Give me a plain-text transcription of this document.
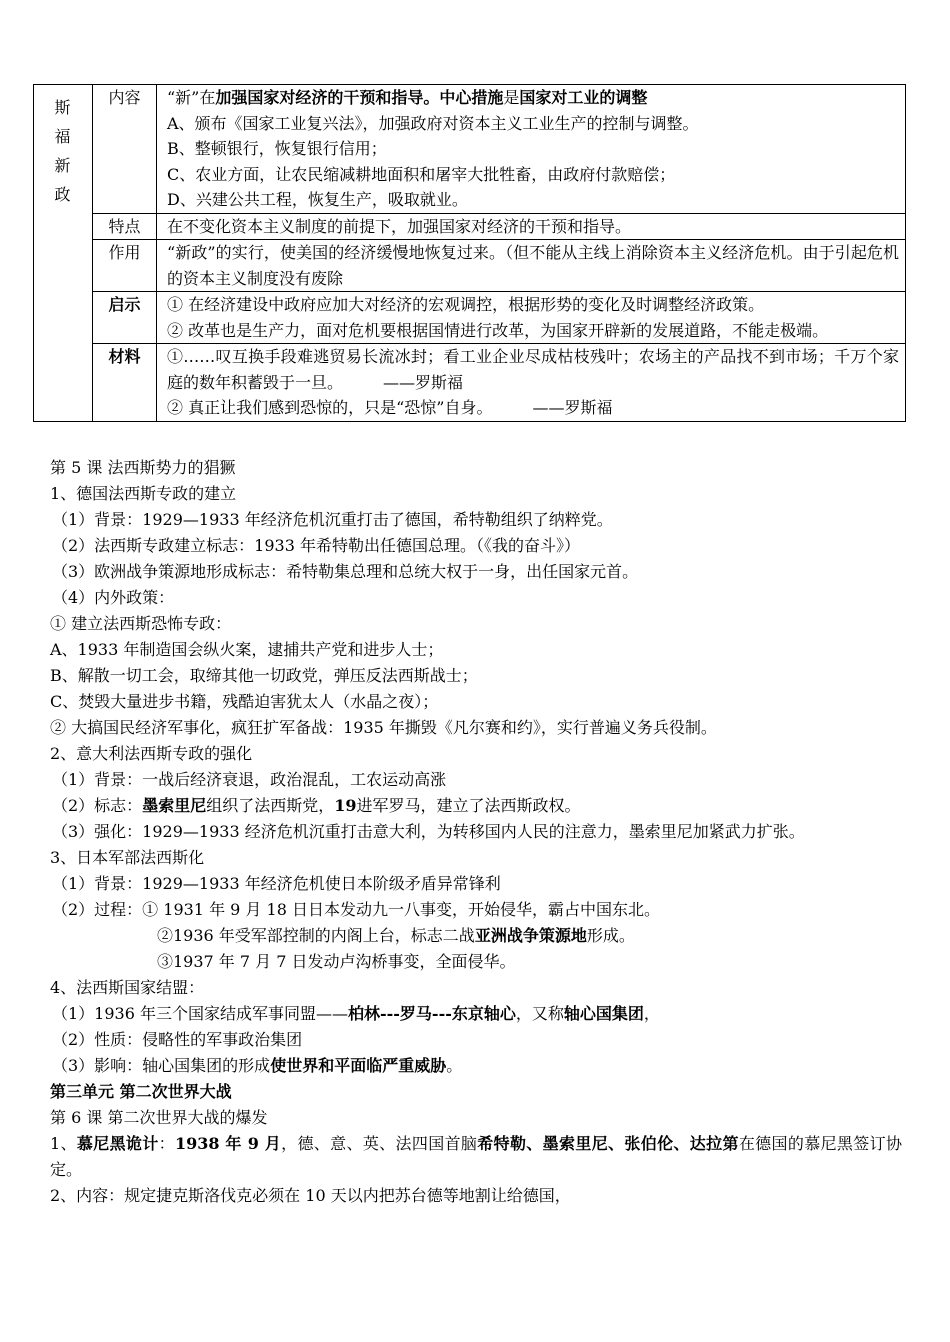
斯
福
新
政	内容	“新”在加强国家对经济的干预和指导。中心措施是国家对工业的调整
A、颁布《国家工业复兴法》，加强政府对资本主义工业生产的控制与调整。
B、整顿银行，恢复银行信用；
C、农业方面，让农民缩减耕地面积和屠宰大批牲畜，由政府付款赔偿；
D、兴建公共工程，恢复生产，吸取就业。

	特点	在不变化资本主义制度的前提下，加强国家对经济的干预和指导。

	作用	“新政”的实行，使美国的经济缓慢地恢复过来。（但不能从主线上消除资本主义经济危机。由于引起危机的资本主义制度没有废除

	启示	① 在经济建设中政府应加大对经济的宏观调控，根据形势的变化及时调整经济政策。
② 改革也是生产力，面对危机要根据国情进行改革，为国家开辟新的发展道路，不能走极端。

	材料	①……叹互换手段难逃贸易长流冰封；看工业企业尽成枯枝残叶；农场主的产品找不到市场；千万个家庭的数年积蓄毁于一旦。 ——罗斯福
② 真正让我们感到恐惊的，只是“恐惊”自身。 ——罗斯福
第 5 课 法西斯势力的猖獗
1、德国法西斯专政的建立
（1）背景：1929—1933 年经济危机沉重打击了德国，希特勒组织了纳粹党。
（2）法西斯专政建立标志：1933 年希特勒出任德国总理。（《我的奋斗》）
（3）欧洲战争策源地形成标志：希特勒集总理和总统大权于一身，出任国家元首。
（4）内外政策：
① 建立法西斯恐怖专政：
A、1933 年制造国会纵火案，逮捕共产党和进步人士；
B、解散一切工会，取缔其他一切政党，弹压反法西斯战士；
C、焚毁大量进步书籍，残酷迫害犹太人（水晶之夜）；
② 大搞国民经济军事化，疯狂扩军备战：1935 年撕毁《凡尔赛和约》，实行普遍义务兵役制。
2、意大利法西斯专政的强化
（1）背景：一战后经济衰退，政治混乱，工农运动高涨
（2）标志：墨索里尼组织了法西斯党，19进军罗马，建立了法西斯政权。
（3）强化：1929—1933 经济危机沉重打击意大利，为转移国内人民的注意力，墨索里尼加紧武力扩张。
3、日本军部法西斯化
（1）背景：1929—1933 年经济危机使日本阶级矛盾异常锋利
（2）过程：① 1931 年 9 月 18 日日本发动九一八事变，开始侵华，霸占中国东北。
②1936 年受军部控制的内阁上台，标志二战亚洲战争策源地形成。
③1937 年 7 月 7 日发动卢沟桥事变，全面侵华。
4、法西斯国家结盟：
（1）1936 年三个国家结成军事同盟——柏林---罗马---东京轴心，又称轴心国集团，
（2）性质：侵略性的军事政治集团
（3）影响：轴心国集团的形成使世界和平面临严重威胁。
第三单元 第二次世界大战
第 6 课 第二次世界大战的爆发
1、慕尼黑诡计：1938 年 9 月，德、意、英、法四国首脑希特勒、墨索里尼、张伯伦、达拉第在德国的慕尼黑签订协定。
2、内容：规定捷克斯洛伐克必须在 10 天以内把苏台德等地割让给德国，
